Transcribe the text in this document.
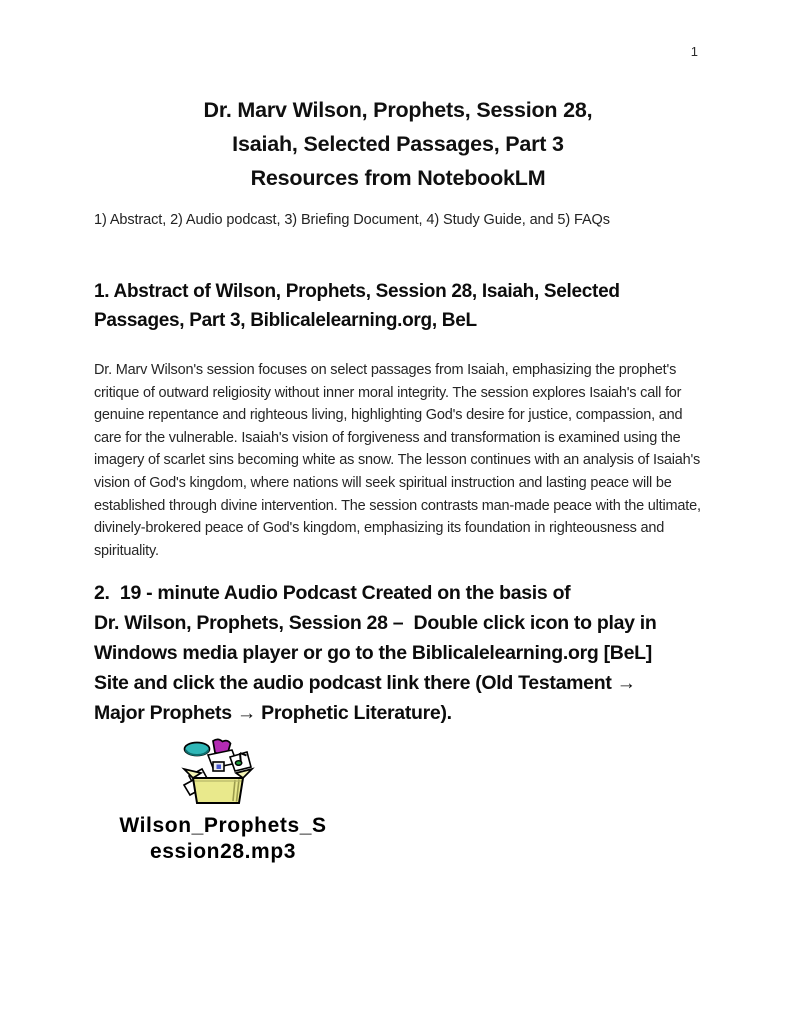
1
Dr. Marv Wilson, Prophets, Session 28,
Isaiah, Selected Passages, Part 3
Resources from NotebookLM
1) Abstract, 2) Audio podcast, 3) Briefing Document, 4) Study Guide, and 5) FAQs
1. Abstract of Wilson, Prophets, Session 28, Isaiah, Selected Passages, Part 3, Biblicalelearning.org, BeL
Dr. Marv Wilson's session focuses on select passages from Isaiah, emphasizing the prophet's critique of outward religiosity without inner moral integrity. The session explores Isaiah's call for genuine repentance and righteous living, highlighting God's desire for justice, compassion, and care for the vulnerable. Isaiah's vision of forgiveness and transformation is examined using the imagery of scarlet sins becoming white as snow. The lesson continues with an analysis of Isaiah's vision of God's kingdom, where nations will seek spiritual instruction and lasting peace will be established through divine intervention. The session contrasts man-made peace with the ultimate, divinely-brokered peace of God's kingdom, emphasizing its foundation in righteousness and spirituality.
2.  19 - minute Audio Podcast Created on the basis of
Dr. Wilson, Prophets, Session 28 –  Double click icon to play in
Windows media player or go to the Biblicalelearning.org [BeL]
Site and click the audio podcast link there (Old Testament →
Major Prophets → Prophetic Literature).
Wilson_Prophets_S
ession28.mp3
